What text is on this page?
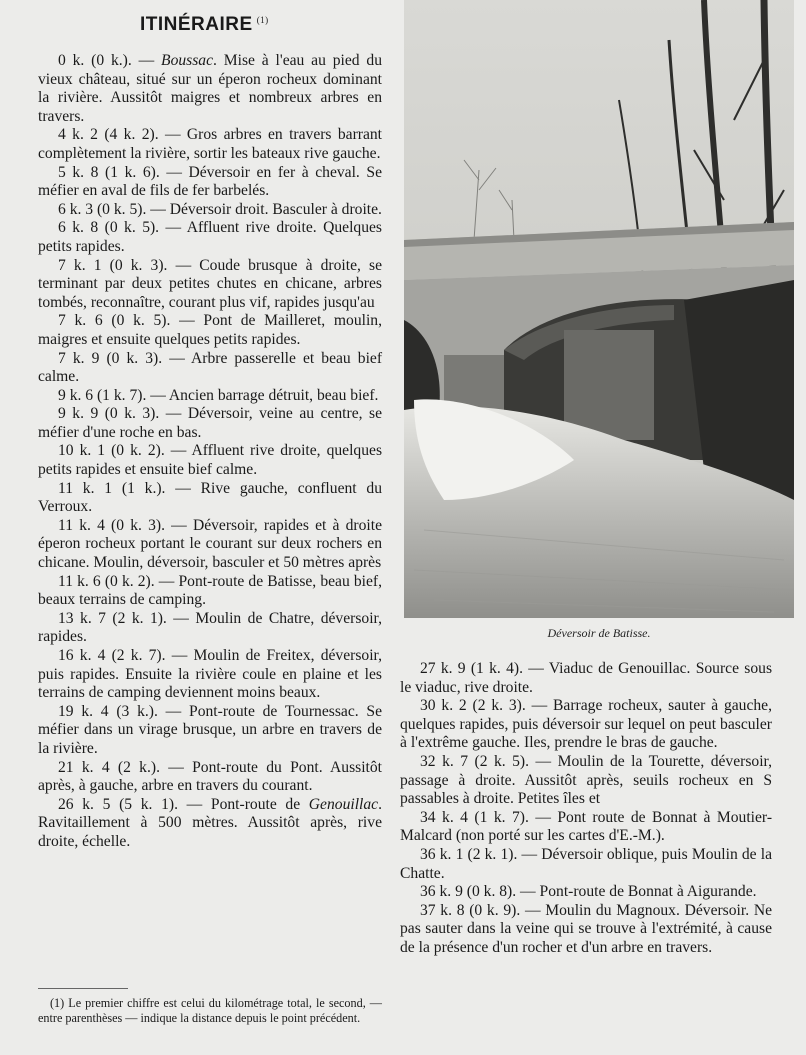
ITINÉRAIRE $^{(1)}$

0 k. (0 k.). — Boussac. Mise à l'eau au pied du vieux château, situé sur un éperon rocheux dominant la rivière. Aussitôt maigres et nombreux arbres en travers.

4 k. 2 (4 k. 2). — Gros arbres en travers barrant complètement la rivière, sortir les bateaux rive gauche.

5 k. 8 (1 k. 6). — Déversoir en fer à cheval. Se méfier en aval de fils de fer barbelés.

6 k. 3 (0 k. 5). — Déversoir droit. Basculer à droite.

6 k. 8 (0 k. 5). — Affluent rive droite. Quelques petits rapides.

7 k. 1 (0 k. 3). — Coude brusque à droite, se terminant par deux petites chutes en chicane, arbres tombés, reconnaître, courant plus vif, rapides jusqu'au

7 k. 6 (0 k. 5). — Pont de Mailleret, moulin, maigres et ensuite quelques petits rapides.

7 k. 9 (0 k. 3). — Arbre passerelle et beau bief calme.

9 k. 6 (1 k. 7). — Ancien barrage détruit, beau bief.

9 k. 9 (0 k. 3). — Déversoir, veine au centre, se méfier d'une roche en bas.

10 k. 1 (0 k. 2). — Affluent rive droite, quelques petits rapides et ensuite bief calme.

11 k. 1 (1 k.). — Rive gauche, confluent du Verroux.

11 k. 4 (0 k. 3). — Déversoir, rapides et à droite éperon rocheux portant le courant sur deux rochers en chicane. Moulin, déversoir, basculer et 50 mètres après

11 k. 6 (0 k. 2). — Pont-route de Batisse, beau bief, beaux terrains de camping.

13 k. 7 (2 k. 1). — Moulin de Chatre, déversoir, rapides.

16 k. 4 (2 k. 7). — Moulin de Freitex, déversoir, puis rapides. Ensuite la rivière coule en plaine et les terrains de camping deviennent moins beaux.

19 k. 4 (3 k.). — Pont-route de Tournessac. Se méfier dans un virage brusque, un arbre en travers de la rivière.

21 k. 4 (2 k.). — Pont-route du Pont. Aussitôt après, à gauche, arbre en travers du courant.

26 k. 5 (5 k. 1). — Pont-route de Genouillac. Ravitaillement à 500 mètres. Aussitôt après, rive droite, échelle.

Déversoir de Batisse.

27 k. 9 (1 k. 4). — Viaduc de Genouillac. Source sous le viaduc, rive droite.

30 k. 2 (2 k. 3). — Barrage rocheux, sauter à gauche, quelques rapides, puis déversoir sur lequel on peut basculer à l'extrême gauche. Iles, prendre le bras de gauche.

32 k. 7 (2 k. 5). — Moulin de la Tourette, déversoir, passage à droite. Aussitôt après, seuils rocheux en S passables à droite. Petites îles et

34 k. 4 (1 k. 7). — Pont route de Bonnat à Moutier-Malcard (non porté sur les cartes d'E.-M.).

36 k. 1 (2 k. 1). — Déversoir oblique, puis Moulin de la Chatte.

36 k. 9 (0 k. 8). — Pont-route de Bonnat à Aigurande.

37 k. 8 (0 k. 9). — Moulin du Magnoux. Déversoir. Ne pas sauter dans la veine qui se trouve à l'extrémité, à cause de la présence d'un rocher et d'un arbre en travers.

(1) Le premier chiffre est celui du kilométrage total, le second, — entre parenthèses — indique la distance depuis le point précédent.
